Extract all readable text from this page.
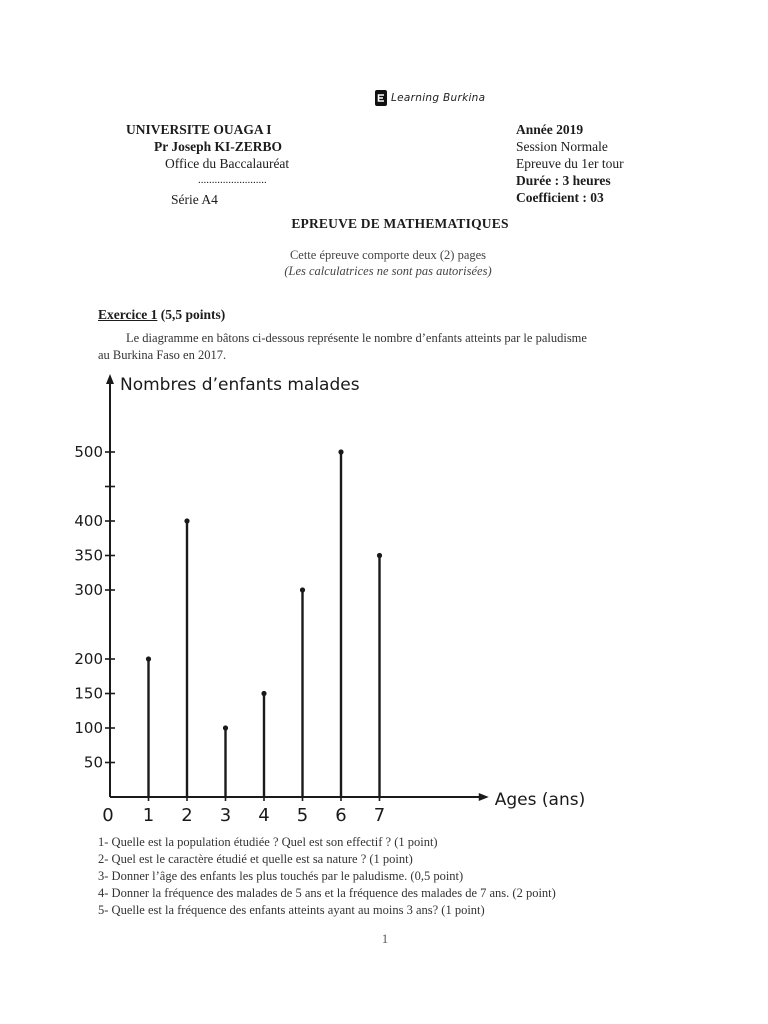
Learning Burkina
UNIVERSITE OUAGA I
Pr Joseph KI-ZERBO
Office du Baccalauréat
.........................
Série A4
Année 2019
Session Normale
Epreuve du 1er tour
Durée : 3 heures
Coefficient : 03
EPREUVE DE MATHEMATIQUES
Cette épreuve comporte deux (2) pages
(Les calculatrices ne sont pas autorisées)
Exercice 1 (5,5 points)
Le diagramme en bâtons ci-dessous représente le nombre d’enfants atteints par le paludisme
au Burkina Faso en 2017.
50
100
150
200
300
350
400
500
1 2 3 4 5 6 7
Nombres d’enfants malades
Ages (ans)
0
1- Quelle est la population étudiée ? Quel est son effectif ? (1 point)
2- Quel est le caractère étudié et quelle est sa nature ? (1 point)
3- Donner l’âge des enfants les plus touchés par le paludisme. (0,5 point)
4- Donner la fréquence des malades de 5 ans et la fréquence des malades de 7 ans. (2 point)
5- Quelle est la fréquence des enfants atteints ayant au moins 3 ans? (1 point)
1
